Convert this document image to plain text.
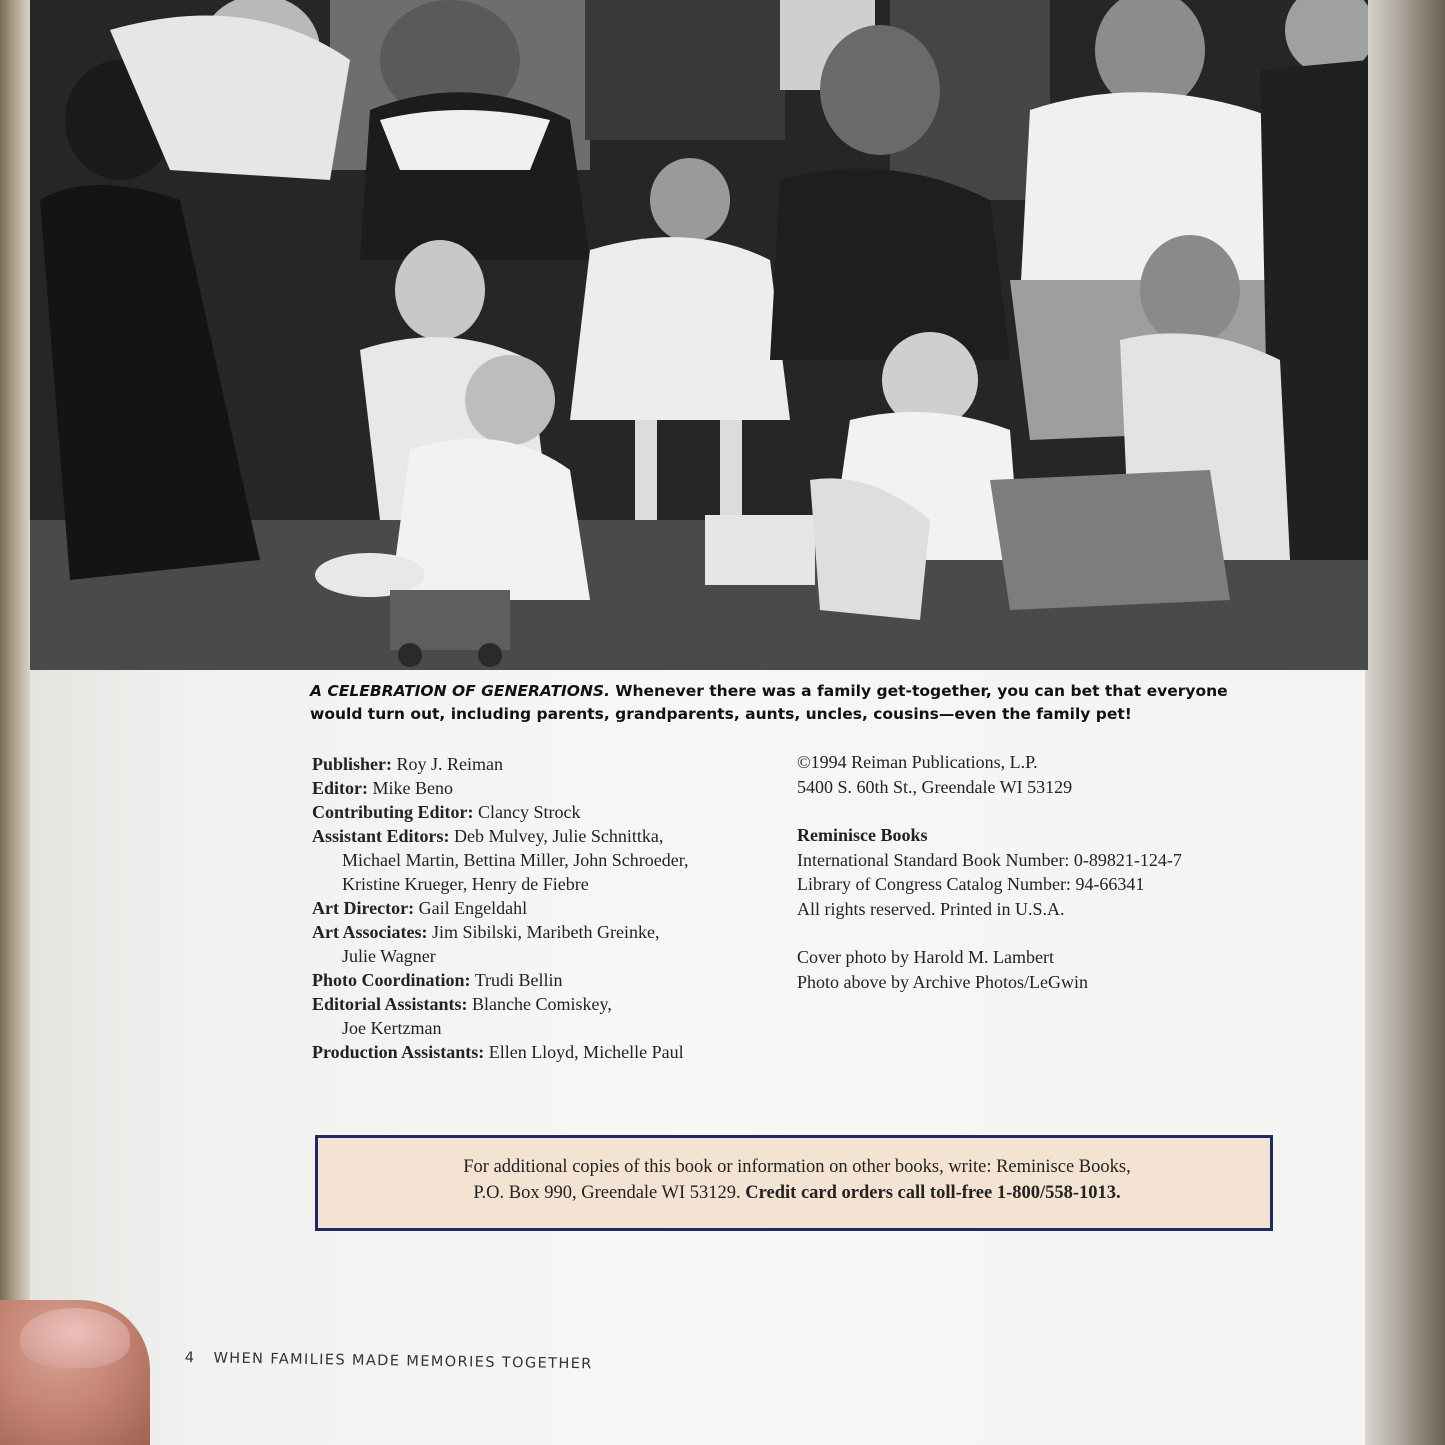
A CELEBRATION OF GENERATIONS. Whenever there was a family get-together, you can bet that everyone
would turn out, including parents, grandparents, aunts, uncles, cousins—even the family pet!
Publisher: Roy J. Reiman
Editor: Mike Beno
Contributing Editor: Clancy Strock
Assistant Editors: Deb Mulvey, Julie Schnittka,
Michael Martin, Bettina Miller, John Schroeder,
Kristine Krueger, Henry de Fiebre
Art Director: Gail Engeldahl
Art Associates: Jim Sibilski, Maribeth Greinke,
Julie Wagner
Photo Coordination: Trudi Bellin
Editorial Assistants: Blanche Comiskey,
Joe Kertzman
Production Assistants: Ellen Lloyd, Michelle Paul
©1994 Reiman Publications, L.P.
5400 S. 60th St., Greendale WI 53129
Reminisce Books
International Standard Book Number: 0-89821-124-7
Library of Congress Catalog Number: 94-66341
All rights reserved. Printed in U.S.A.
Cover photo by Harold M. Lambert
Photo above by Archive Photos/LeGwin
For additional copies of this book or information on other books, write: Reminisce Books,
P.O. Box 990, Greendale WI 53129. Credit card orders call toll-free 1-800/558-1013.
4 WHEN FAMILIES MADE MEMORIES TOGETHER
